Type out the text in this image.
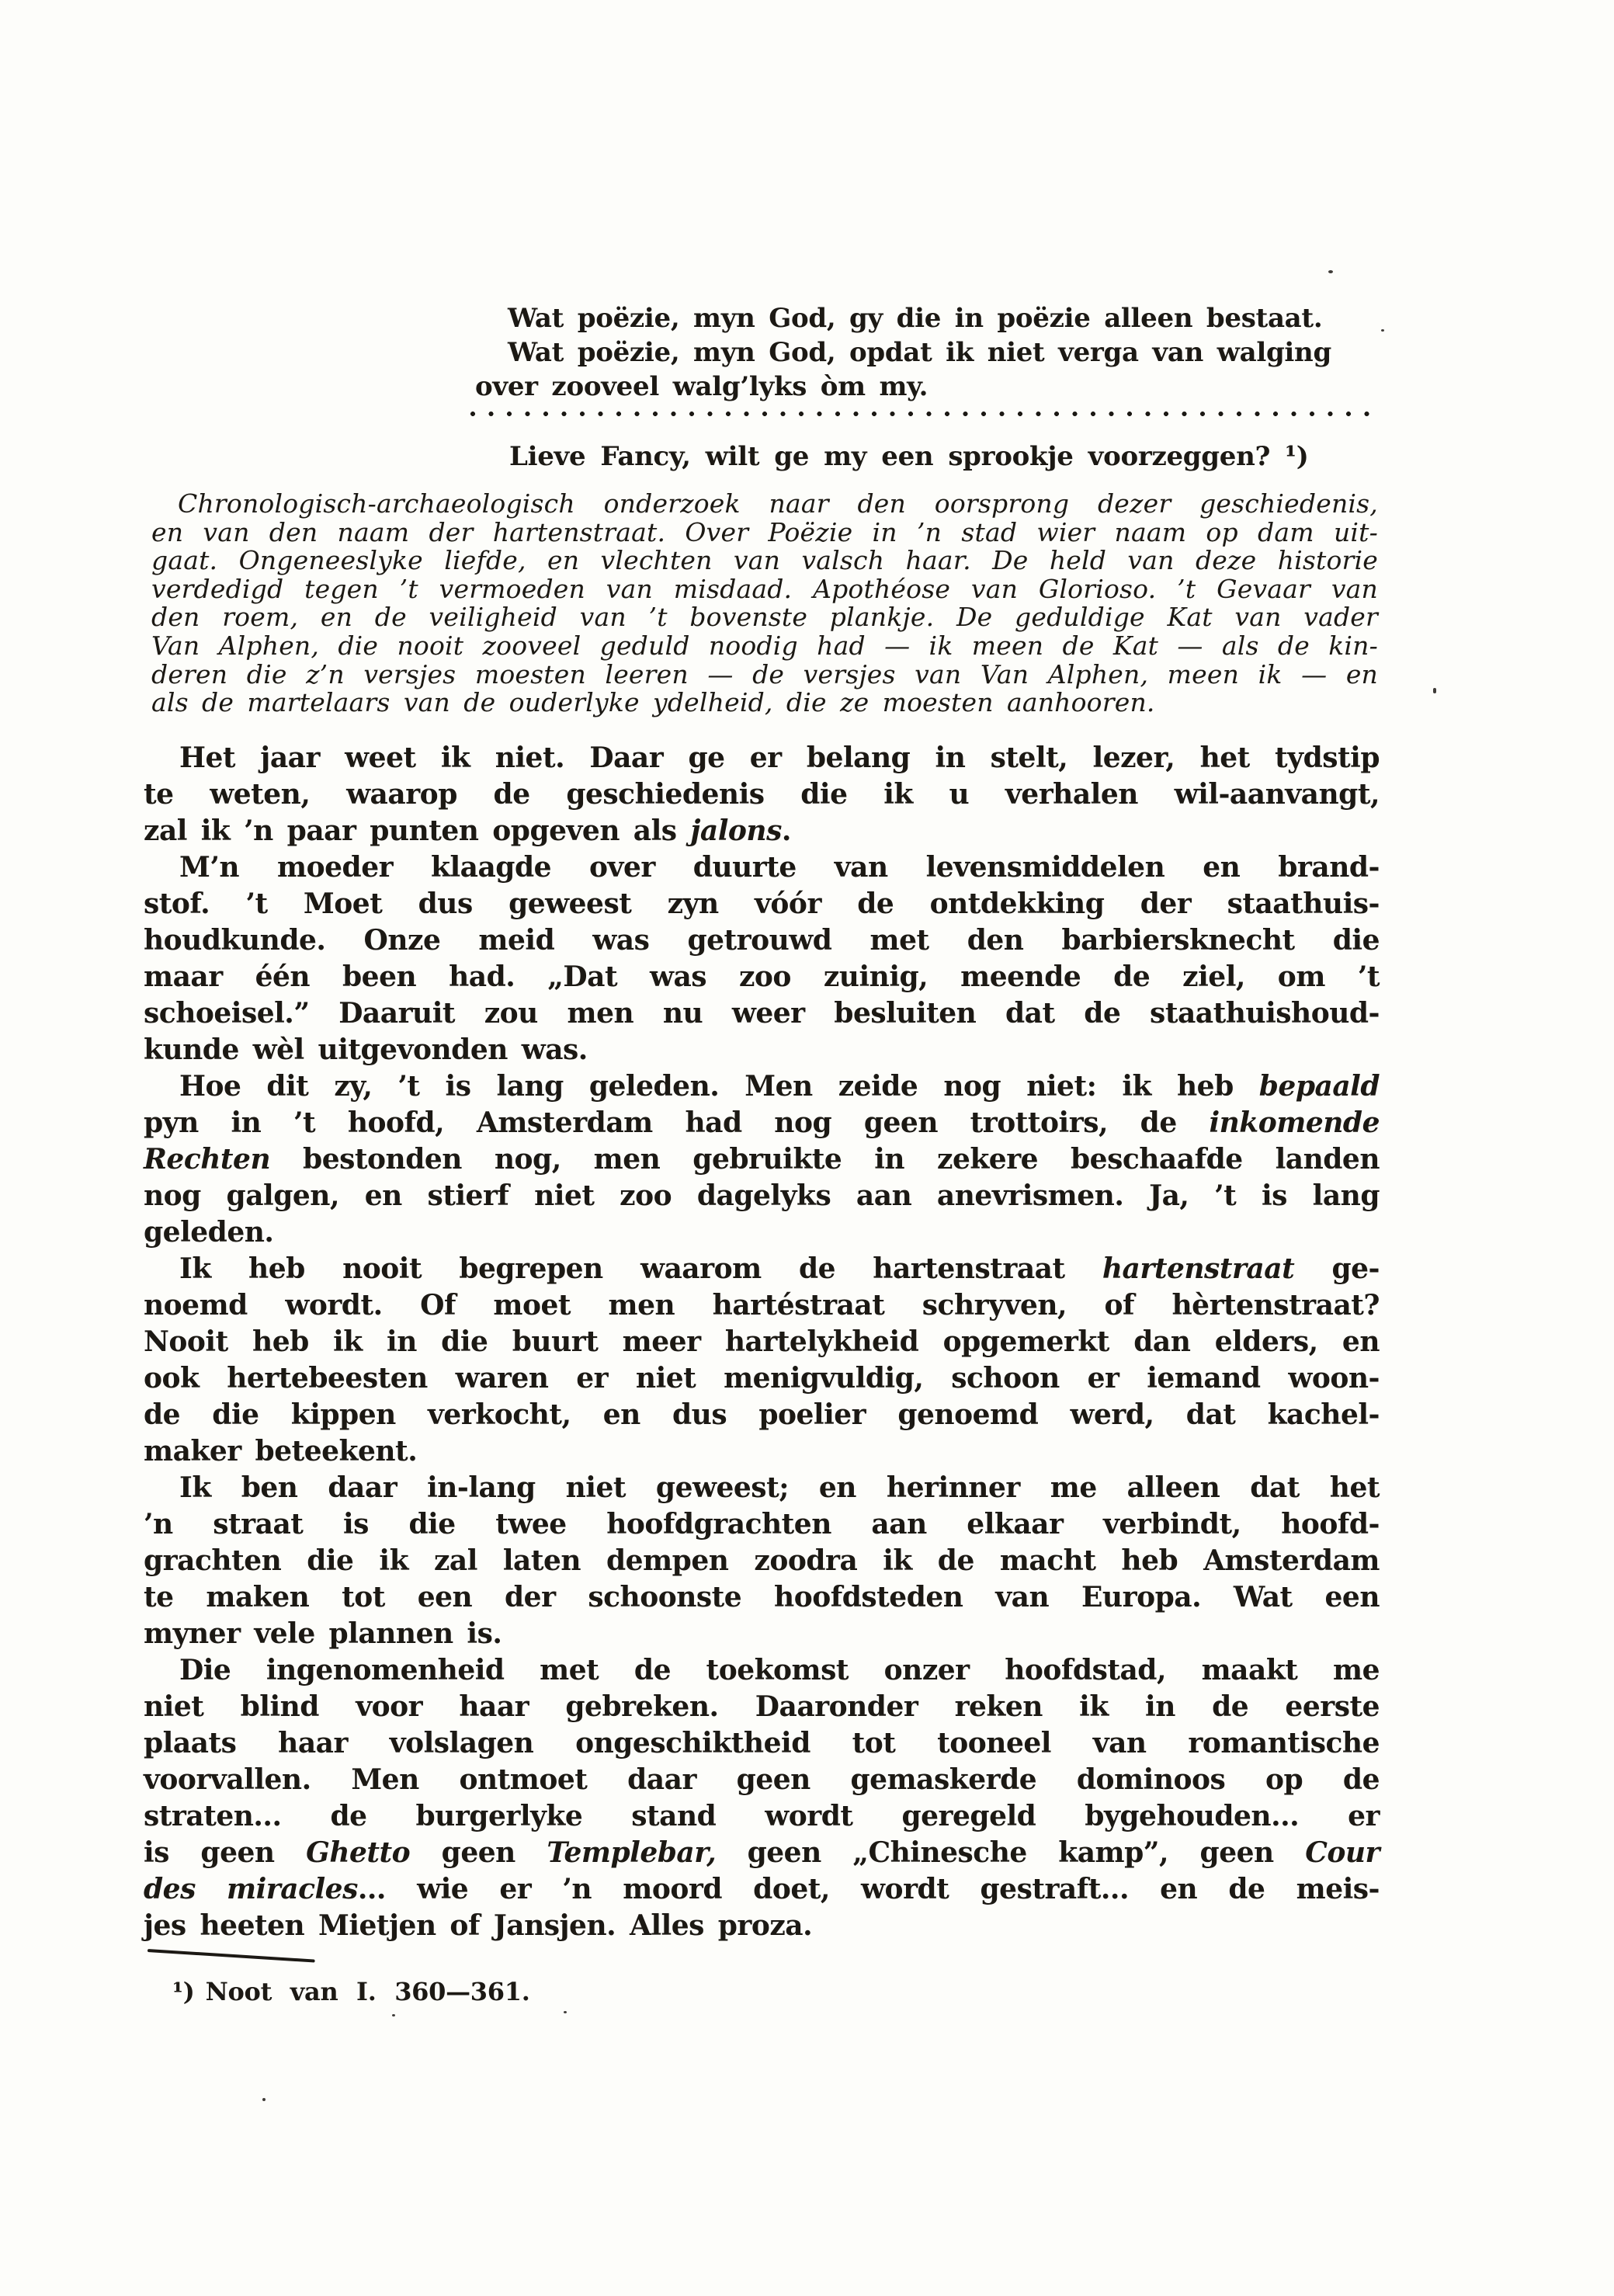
Wat poëzie, myn God, gy die in poëzie alleen bestaat.
Wat poëzie, myn God, opdat ik niet verga van walging
over zooveel walg’lyks òm my.
Lieve Fancy, wilt ge my een sprookje voorzeggen? ¹)
Chronologisch-archaeologisch onderzoek naar den oorsprong dezer geschiedenis,
en van den naam der hartenstraat. Over Poëzie in ’n stad wier naam op dam uit-
gaat. Ongeneeslyke liefde, en vlechten van valsch haar. De held van deze historie
verdedigd tegen ’t vermoeden van misdaad. Apothéose van Glorioso. ’t Gevaar van
den roem, en de veiligheid van ’t bovenste plankje. De geduldige Kat van vader
Van Alphen, die nooit zooveel geduld noodig had — ik meen de Kat — als de kin-
deren die z’n versjes moesten leeren — de versjes van Van Alphen, meen ik — en
als de martelaars van de ouderlyke ydelheid, die ze moesten aanhooren.
Het jaar weet ik niet. Daar ge er belang in stelt, lezer, het tydstip
te weten, waarop de geschiedenis die ik u verhalen wil-aanvangt,
zal ik ’n paar punten opgeven als jalons.
M’n moeder klaagde over duurte van levensmiddelen en brand-
stof. ’t Moet dus geweest zyn vóór de ontdekking der staathuis-
houdkunde. Onze meid was getrouwd met den barbiersknecht die
maar één been had. „Dat was zoo zuinig, meende de ziel, om ’t
schoeisel.” Daaruit zou men nu weer besluiten dat de staathuishoud-
kunde wèl uitgevonden was.
Hoe dit zy, ’t is lang geleden. Men zeide nog niet: ik heb bepaald
pyn in ’t hoofd, Amsterdam had nog geen trottoirs, de inkomende
Rechten bestonden nog, men gebruikte in zekere beschaafde landen
nog galgen, en stierf niet zoo dagelyks aan anevrismen. Ja, ’t is lang
geleden.
Ik heb nooit begrepen waarom de hartenstraat hartenstraat ge-
noemd wordt. Of moet men hartéstraat schryven, of hèrtenstraat?
Nooit heb ik in die buurt meer hartelykheid opgemerkt dan elders, en
ook hertebeesten waren er niet menigvuldig, schoon er iemand woon-
de die kippen verkocht, en dus poelier genoemd werd, dat kachel-
maker beteekent.
Ik ben daar in-lang niet geweest; en herinner me alleen dat het
’n straat is die twee hoofdgrachten aan elkaar verbindt, hoofd-
grachten die ik zal laten dempen zoodra ik de macht heb Amsterdam
te maken tot een der schoonste hoofdsteden van Europa. Wat een
myner vele plannen is.
Die ingenomenheid met de toekomst onzer hoofdstad, maakt me
niet blind voor haar gebreken. Daaronder reken ik in de eerste
plaats haar volslagen ongeschiktheid tot tooneel van romantische
voorvallen. Men ontmoet daar geen gemaskerde dominoos op de
straten... de burgerlyke stand wordt geregeld bygehouden... er
is geen Ghetto geen Templebar, geen „Chinesche kamp”, geen Cour
des miracles... wie er ’n moord doet, wordt gestraft... en de meis-
jes heeten Mietjen of Jansjen. Alles proza.
¹) Noot van I. 360—361.
